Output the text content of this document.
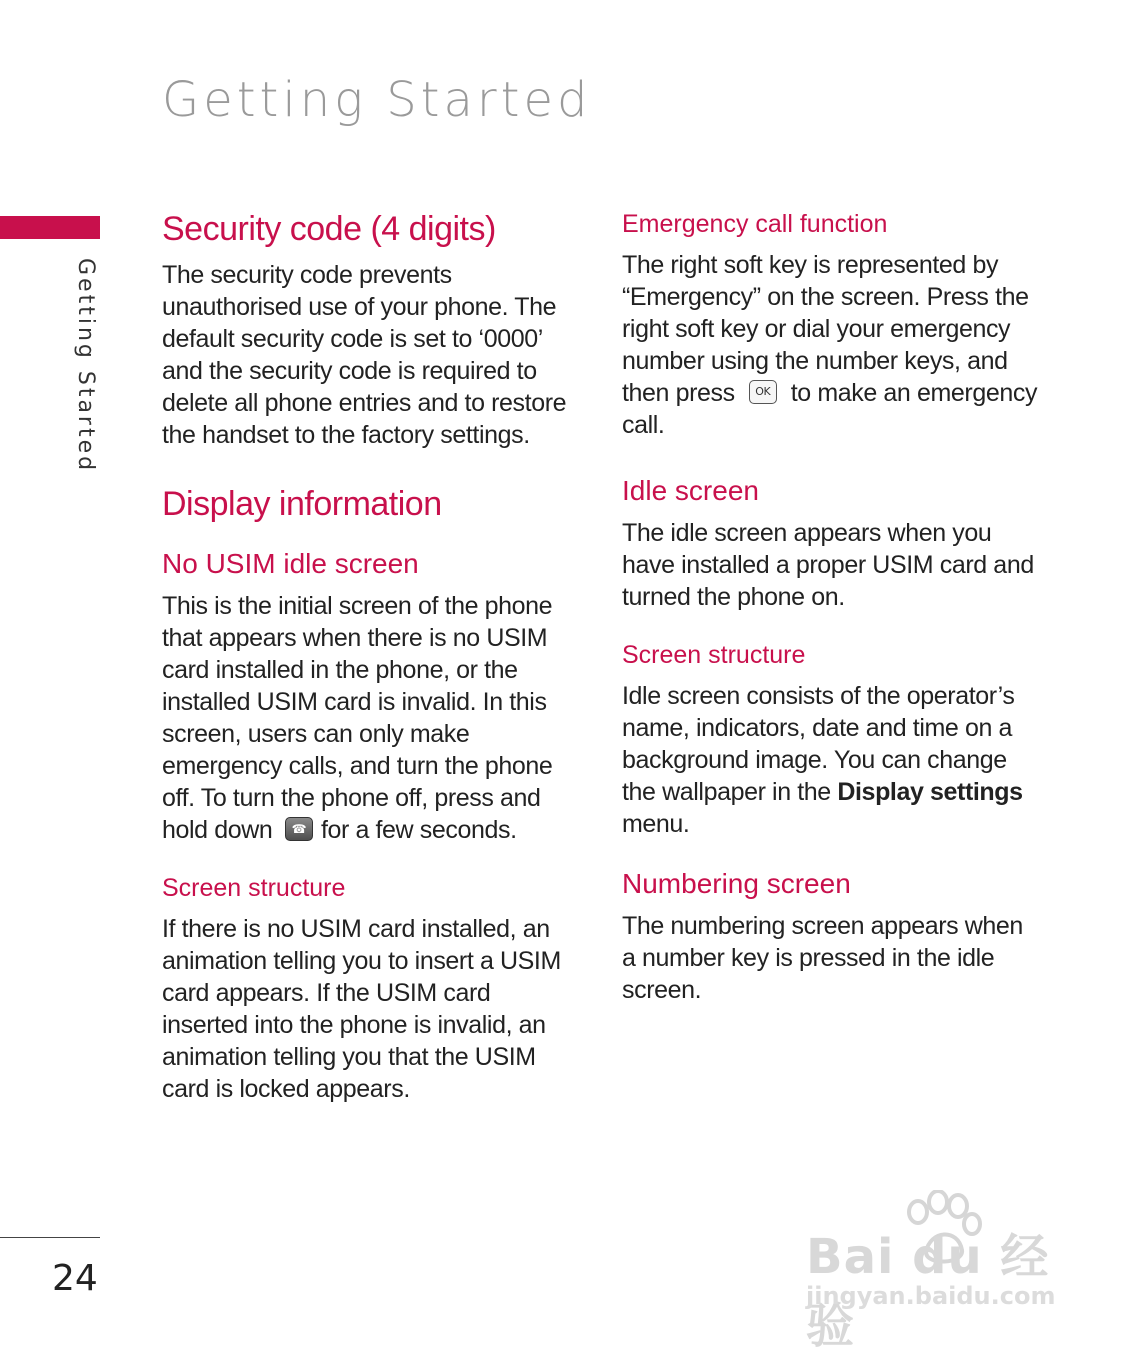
Getting Started
Getting Started
Security code (4 digits)

The security code prevents unauthorised use of your phone. The default security code is set to ‘0000’ and the security code is required to delete all phone entries and to restore the handset to the factory settings.

Display information
No USIM idle screen

This is the initial screen of the phone that appears when there is no USIM card installed in the phone, or the installed USIM card is invalid. In this screen, users can only make emergency calls, and turn the phone off. To turn the phone off, press and hold down ☎ for a few seconds.

Screen structure

If there is no USIM card installed, an animation telling you to insert a USIM card appears. If the USIM card inserted into the phone is invalid, an animation telling you that the USIM card is locked appears.

Emergency call function

The right soft key is represented by “Emergency” on the screen. Press the right soft key or dial your emergency number using the number keys, and then press OK to make an emergency call.

Idle screen

The idle screen appears when you have installed a proper USIM card and turned the phone on.

Screen structure

Idle screen consists of the operator’s name, indicators, date and time on a background image. You can change the wallpaper in the Display settings menu.

Numbering screen

The numbering screen appears when a number key is pressed in the idle screen.

24	Bai du 经验
jingyan.baidu.com
